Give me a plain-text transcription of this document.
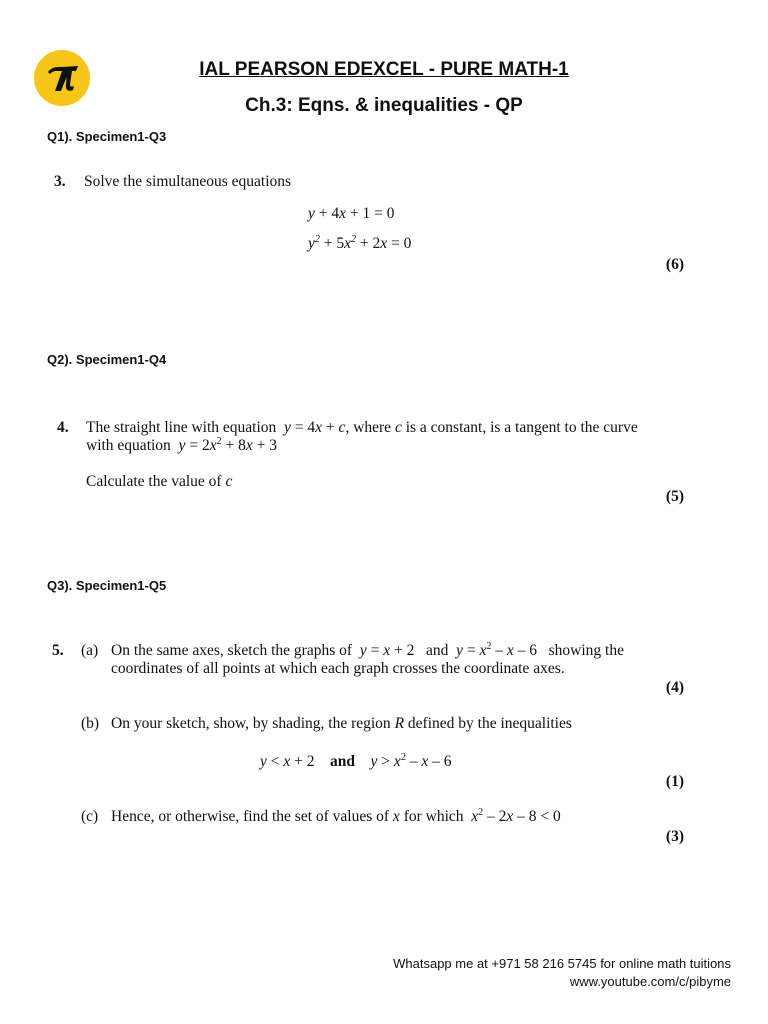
IAL PEARSON EDEXCEL - PURE MATH-1
Ch.3: Eqns. & inequalities - QP
Q1). Specimen1-Q3
3. Solve the simultaneous equations
y + 4x + 1 = 0
$y^2 + 5x^2 + 2x = 0$
(6)
Q2). Specimen1-Q4
4. The straight line with equation y = 4x + c, where c is a constant, is a tangent to the curve
with equation $y = 2x^2 + 8x + 3$
Calculate the value of c
(5)
Q3). Specimen1-Q5
5. (a) On the same axes, sketch the graphs of y = x + 2   and $y = x^2 - x - 6$   showing the
coordinates of all points at which each graph crosses the coordinate axes.
(4)
(b) On your sketch, show, by shading, the region R defined by the inequalities
y < x + 2    and $y > x^2 - x - 6$
(1)
(c) Hence, or otherwise, find the set of values of x for which $x^2 - 2x - 8 < 0$
(3)
Whatsapp me at +971 58 216 5745 for online math tuitions
www.youtube.com/c/pibyme
